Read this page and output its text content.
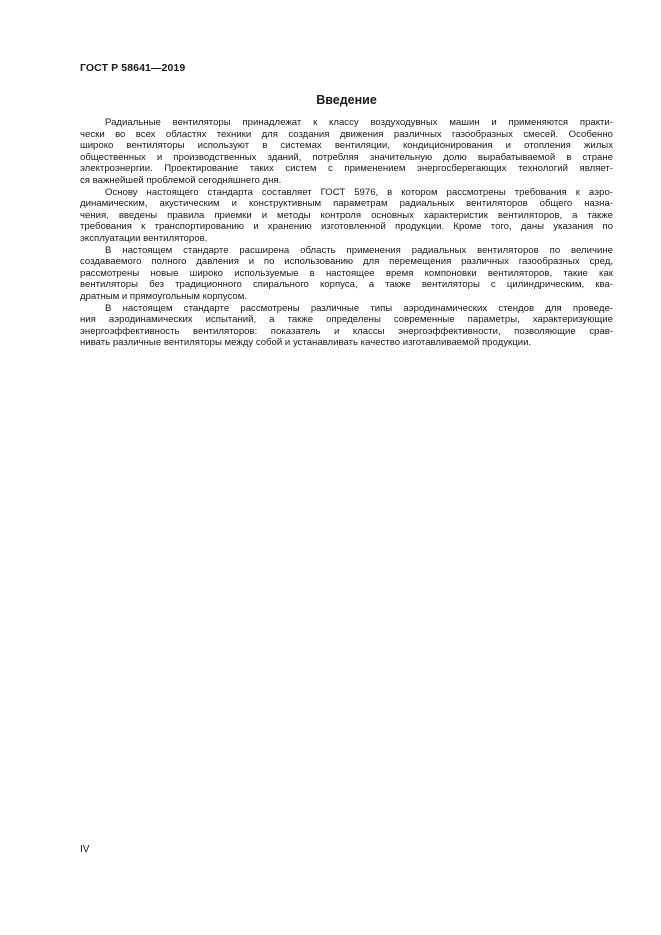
ГОСТ Р 58641—2019
Введение

Радиальные вентиляторы принадлежат к классу воздуходувных машин и применяются практи-
чески во всех областях техники для создания движения различных газообразных смесей. Особенно
широко вентиляторы используют в системах вентиляции, кондиционирования и отопления жилых
общественных и производственных зданий, потребляя значительную долю вырабатываемой в стране
электроэнергии. Проектирование таких систем с применением энергосберегающих технологий являет-
ся важнейшей проблемой сегодняшнего дня.

Основу настоящего стандарта составляет ГОСТ 5976, в котором рассмотрены требования к аэро-
динамическим, акустическим и конструктивным параметрам радиальных вентиляторов общего назна-
чения, введены правила приемки и методы контроля основных характеристик вентиляторов, а также
требования к транспортированию и хранению изготовленной продукции. Кроме того, даны указания по
эксплуатации вентиляторов.

В настоящем стандарте расширена область применения радиальных вентиляторов по величине
создаваемого полного давления и по использованию для перемещения различных газообразных сред,
рассмотрены новые широко используемые в настоящее время компоновки вентиляторов, такие как
вентиляторы без традиционного спирального корпуса, а также вентиляторы с цилиндрическим, ква-
дратным и прямоугольным корпусом.

В настоящем стандарте рассмотрены различные типы аэродинамических стендов для проведе-
ния аэродинамических испытаний, а также определены современные параметры, характеризующие
энергоэффективность вентиляторов: показатель и классы энергоэффективности, позволяющие срав-
нивать различные вентиляторы между собой и устанавливать качество изготавливаемой продукции.

IV
